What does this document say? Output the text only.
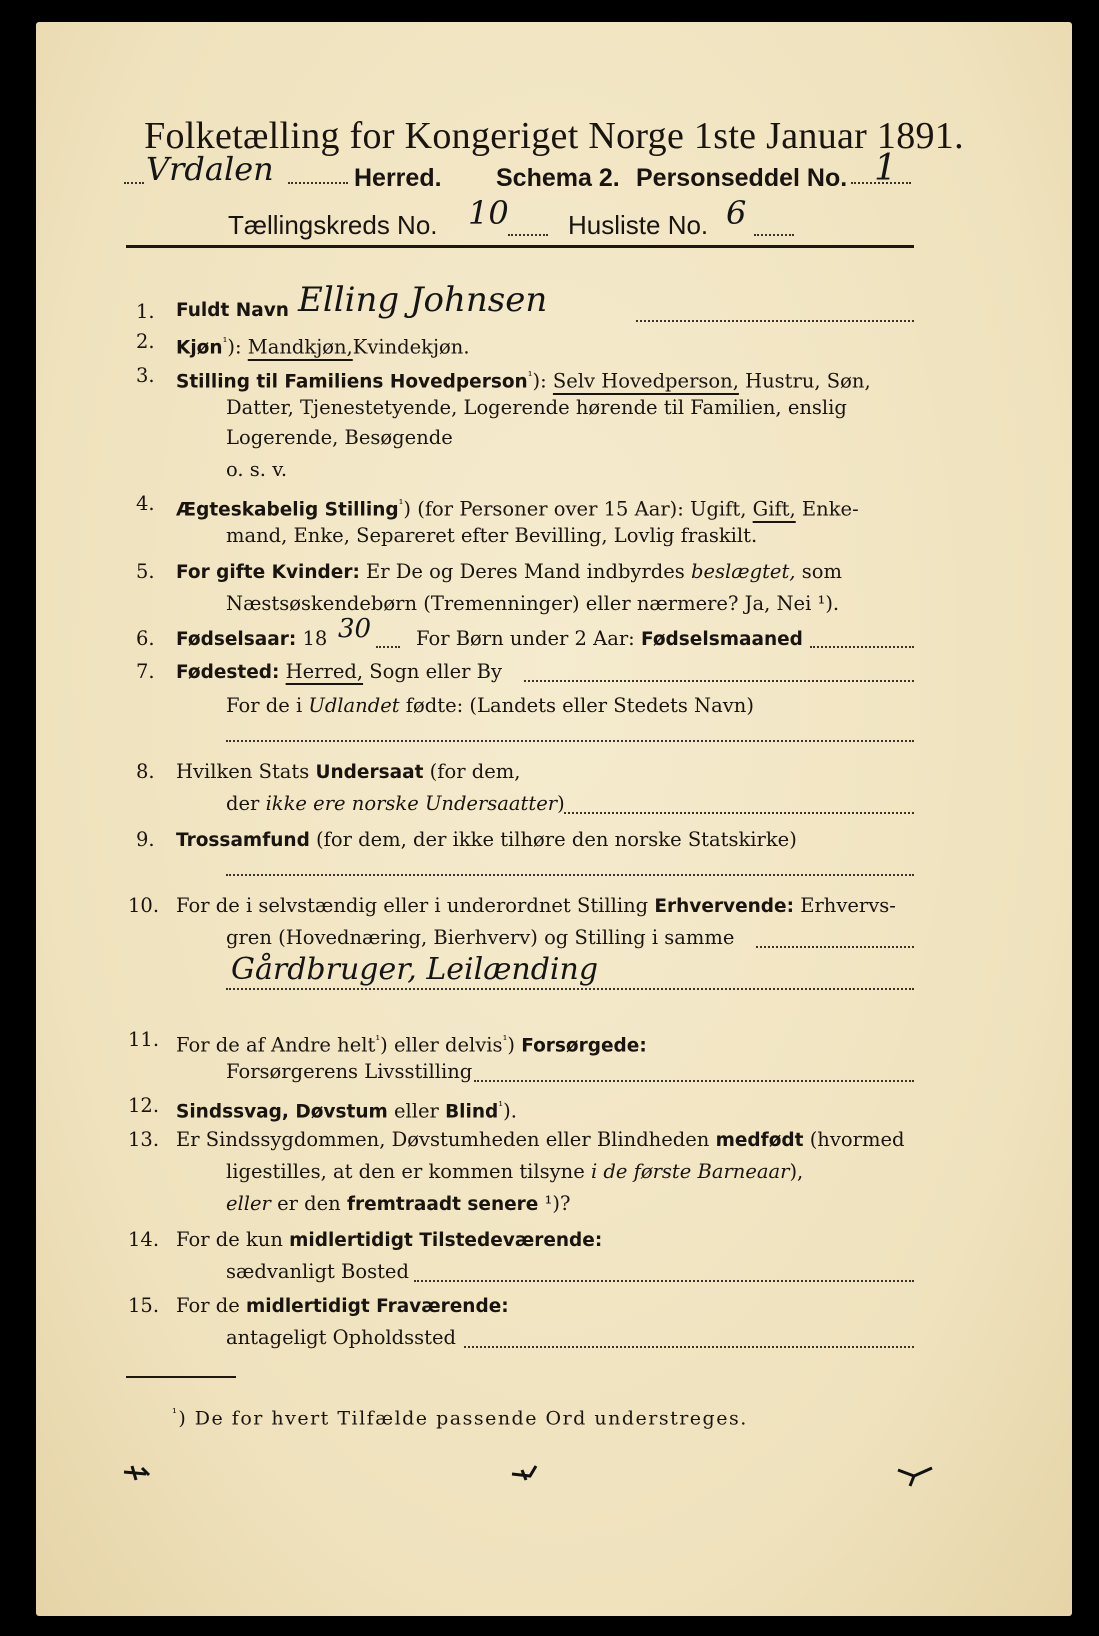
Folketælling for Kongeriget Norge 1ste Januar 1891.
Vrdalen	Herred. Schema 2. Personseddel No. 1
Tællingskreds No. 10 Husliste No. 6
1. Fuldt Navn Elling Johnsen
2. Kjøn$^{^1}$): Mandkjøn,Kvindekjøn.
3. Stilling til Familiens Hovedperson$^{^1}$): Selv Hovedperson, Hustru, Søn,
Datter, Tjenestetyende, Logerende hørende til Familien, enslig
Logerende, Besøgende
o. s. v.
4. Ægteskabelig Stilling$^{^1}$) (for Personer over 15 Aar): Ugift, Gift, Enke-
mand, Enke, Separeret efter Bevilling, Lovlig fraskilt.
5. For gifte Kvinder: Er De og Deres Mand indbyrdes beslægtet, som
Næstsøskendebørn (Tremenninger) eller nærmere? Ja, Nei ¹).
6. Fødselsaar: 18 30 For Børn under 2 Aar: Fødselsmaaned
7. Fødested: Herred, Sogn eller By
For de i Udlandet fødte: (Landets eller Stedets Navn)
8. Hvilken Stats Undersaat (for dem,
der ikke ere norske Undersaatter)
9. Trossamfund (for dem, der ikke tilhøre den norske Statskirke)
10. For de i selvstændig eller i underordnet Stilling Erhvervende: Erhvervs-
gren (Hovednæring, Bierhverv) og Stilling i samme
Gårdbruger, Leilænding
11. For de af Andre helt$^{^1}$) eller delvis$^{^1}$) Forsørgede:
Forsørgerens Livsstilling
12. Sindssvag, Døvstum eller Blind$^{^1}$).
13. Er Sindssygdommen, Døvstumheden eller Blindheden medfødt (hvormed
ligestilles, at den er kommen tilsyne i de første Barneaar),
eller er den fremtraadt senere ¹)?
14. For de kun midlertidigt Tilstedeværende:
sædvanligt Bosted
15. For de midlertidigt Fraværende:
antageligt Opholdssted
$^{^1}$) De for hvert Tilfælde passende Ord understreges.
